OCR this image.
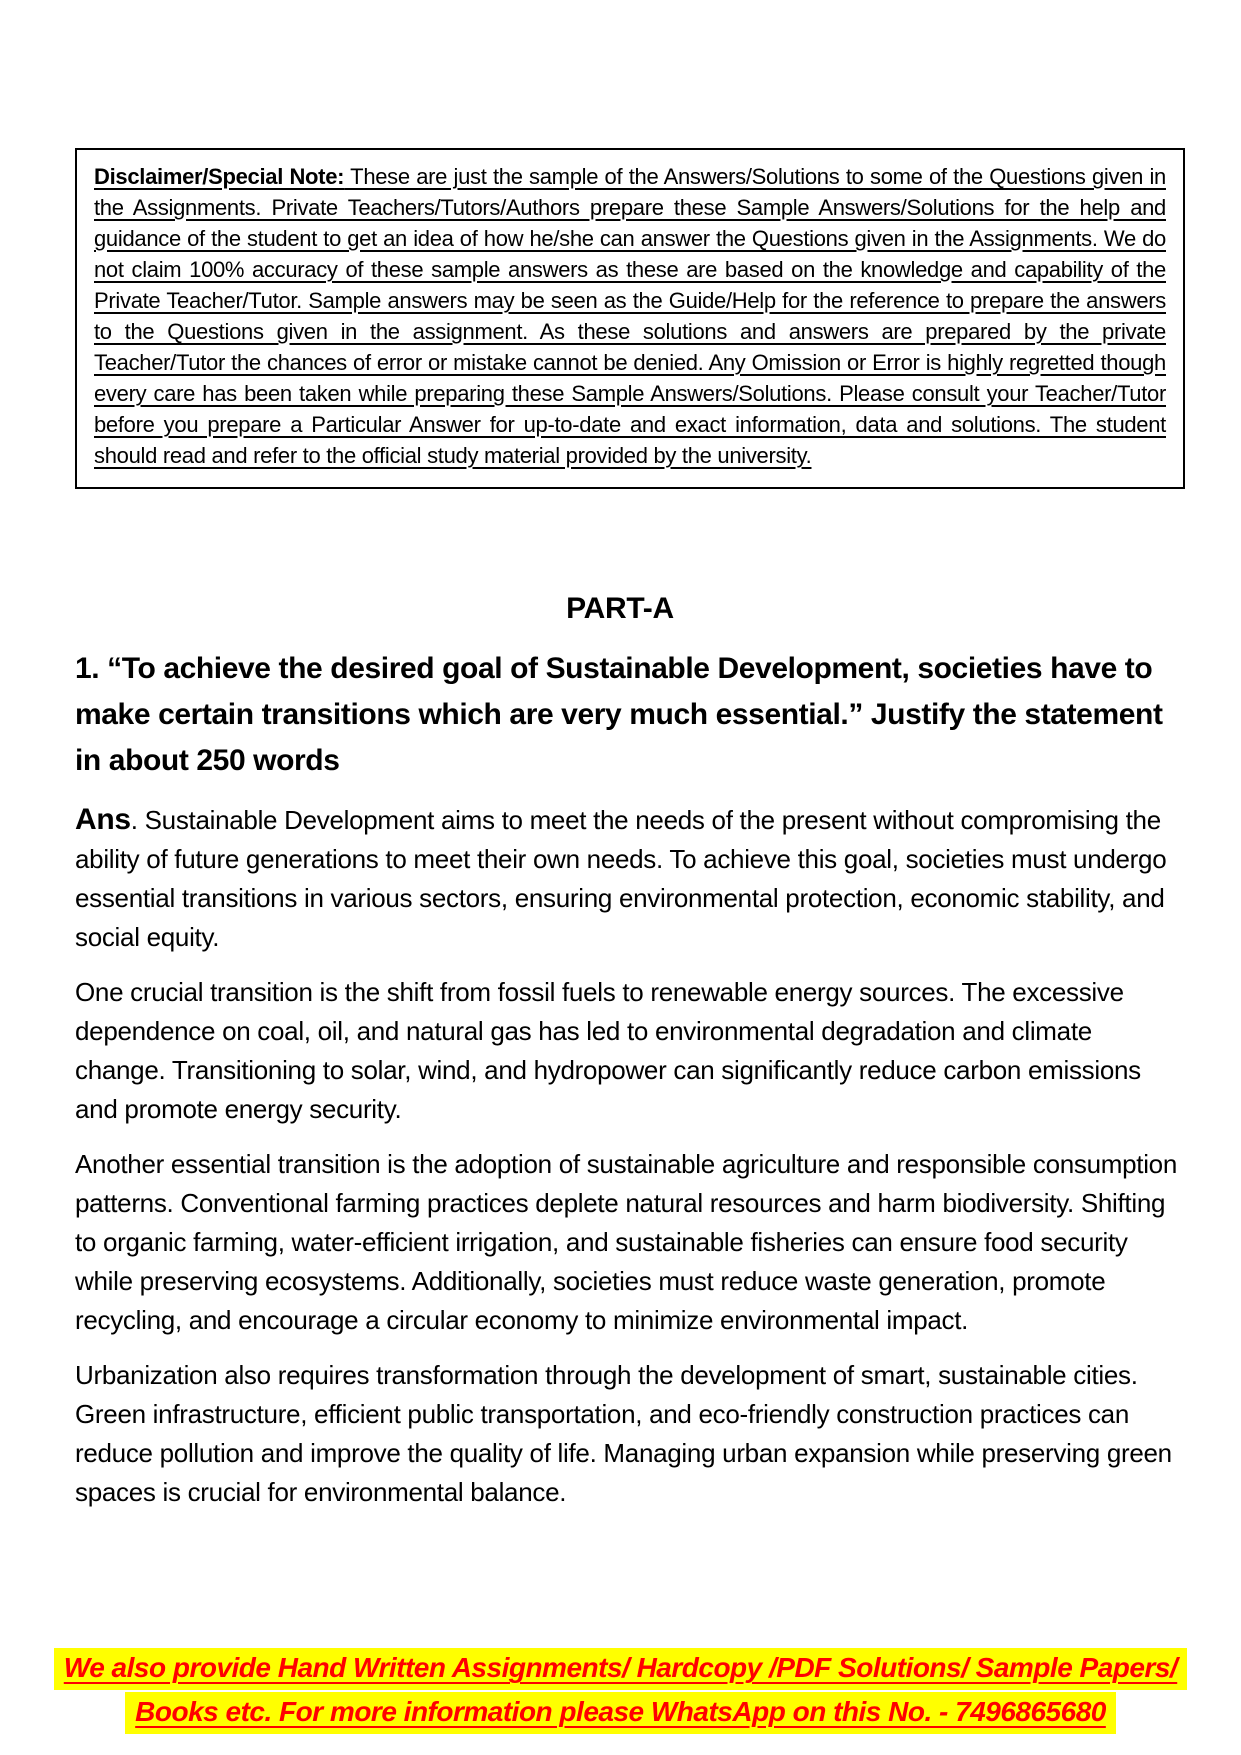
Disclaimer/Special Note: These are just the sample of the Answers/Solutions to some of the Questions given in the Assignments. Private Teachers/Tutors/Authors prepare these Sample Answers/Solutions for the help and guidance of the student to get an idea of how he/she can answer the Questions given in the Assignments. We do not claim 100% accuracy of these sample answers as these are based on the knowledge and capability of the Private Teacher/Tutor. Sample answers may be seen as the Guide/Help for the reference to prepare the answers to the Questions given in the assignment. As these solutions and answers are prepared by the private Teacher/Tutor the chances of error or mistake cannot be denied. Any Omission or Error is highly regretted though every care has been taken while preparing these Sample Answers/Solutions. Please consult your Teacher/Tutor before you prepare a Particular Answer for up-to-date and exact information, data and solutions. The student should read and refer to the official study material provided by the university.

PART-A
1. “To achieve the desired goal of Sustainable Development, societies have to make certain transitions which are very much essential.” Justify the statement in about 250 words

Ans. Sustainable Development aims to meet the needs of the present without compromising the ability of future generations to meet their own needs. To achieve this goal, societies must undergo essential transitions in various sectors, ensuring environmental protection, economic stability, and social equity.

One crucial transition is the shift from fossil fuels to renewable energy sources. The excessive dependence on coal, oil, and natural gas has led to environmental degradation and climate change. Transitioning to solar, wind, and hydropower can significantly reduce carbon emissions and promote energy security.

Another essential transition is the adoption of sustainable agriculture and responsible consumption patterns. Conventional farming practices deplete natural resources and harm biodiversity. Shifting to organic farming, water-efficient irrigation, and sustainable fisheries can ensure food security while preserving ecosystems. Additionally, societies must reduce waste generation, promote recycling, and encourage a circular economy to minimize environmental impact.

Urbanization also requires transformation through the development of smart, sustainable cities. Green infrastructure, efficient public transportation, and eco-friendly construction practices can reduce pollution and improve the quality of life. Managing urban expansion while preserving green spaces is crucial for environmental balance.

We also provide Hand Written Assignments/ Hardcopy /PDF Solutions/ Sample Papers/
Books etc. For more information please WhatsApp on this No. - 7496865680
